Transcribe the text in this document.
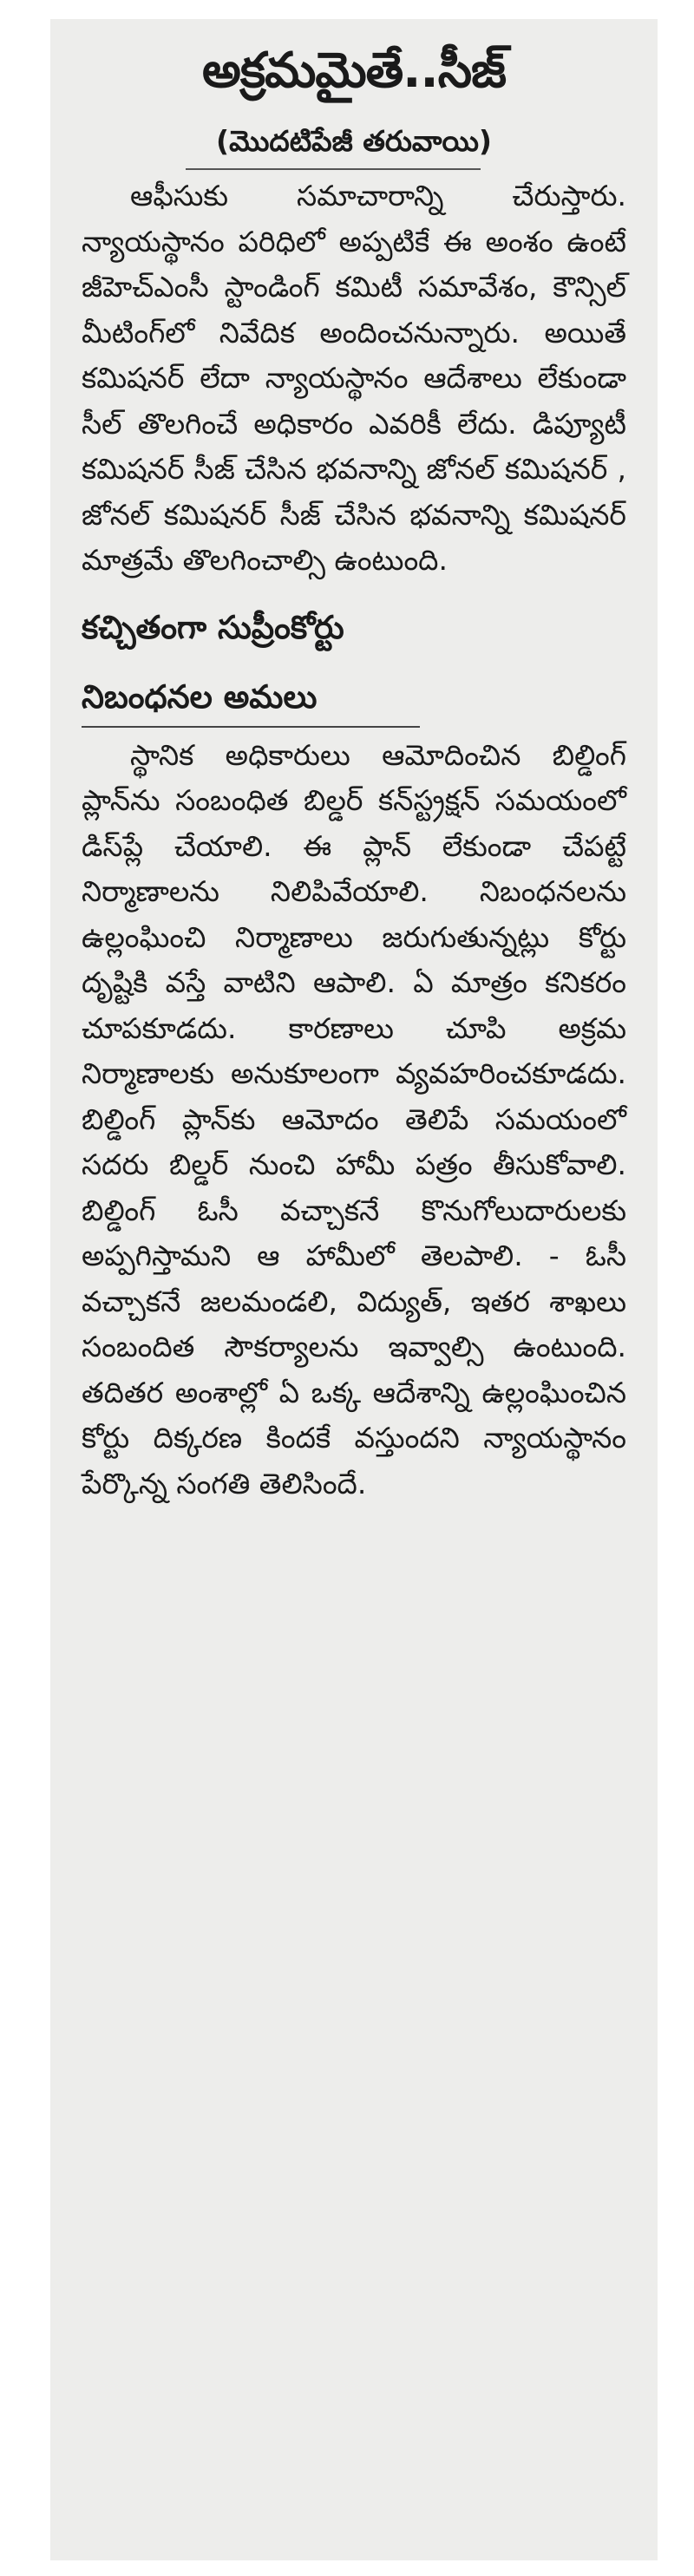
అక్రమమైతే..సీజ్
(మొదటిపేజీ తరువాయి)

ఆఫీసుకు సమాచారాన్ని చేరుస్తారు. న్యాయస్థానం పరిధిలో అప్పటికే ఈ అంశం ఉంటే జీహెచ్ఎంసీ స్టాండింగ్ కమిటీ సమావేశం, కౌన్సిల్ మీటింగ్‌లో నివేదిక అందించనున్నారు. అయితే కమిషనర్ లేదా న్యాయస్థానం ఆదేశాలు లేకుండా సీల్ తొలగించే అధికారం ఎవరికీ లేదు. డిప్యూటీ కమిషనర్ సీజ్ చేసిన భవనాన్ని జోనల్ కమిషనర్ , జోనల్ కమిషనర్ సీజ్ చేసిన భవనాన్ని కమిషనర్ మాత్రమే తొలగించాల్సి ఉంటుంది.

కచ్చితంగా సుప్రీంకోర్టు
నిబంధనల అమలు

స్థానిక అధికారులు ఆమోదించిన బిల్డింగ్ ప్లాన్‌ను సంబంధిత బిల్డర్ కన్‌స్ట్రక్షన్ సమయంలో డిస్‌ప్లే చేయాలి. ఈ ప్లాన్ లేకుండా చేపట్టే నిర్మాణాలను నిలిపివేయాలి. నిబంధనలను ఉల్లంఘించి నిర్మాణాలు జరుగుతున్నట్లు కోర్టు దృష్టికి వస్తే వాటిని ఆపాలి. ఏ మాత్రం కనికరం చూపకూడదు. కారణాలు చూపి అక్రమ నిర్మాణాలకు అనుకూలంగా వ్యవహరించకూడదు. బిల్డింగ్ ప్లాన్‌కు ఆమోదం తెలిపే సమయంలో సదరు బిల్డర్ నుంచి హామీ పత్రం తీసుకోవాలి. బిల్డింగ్ ఓసీ వచ్చాకనే కొనుగోలుదారులకు అప్పగిస్తామని ఆ హామీలో తెలపాలి. - ఓసీ వచ్చాకనే జలమండలి, విద్యుత్, ఇతర శాఖలు సంబందిత సౌకర్యాలను ఇవ్వాల్సి ఉంటుంది. తదితర అంశాల్లో ఏ ఒక్క ఆదేశాన్ని ఉల్లంఘించిన కోర్టు దిక్కరణ కిందకే వస్తుందని న్యాయస్థానం పేర్కొన్న సంగతి తెలిసిందే.
